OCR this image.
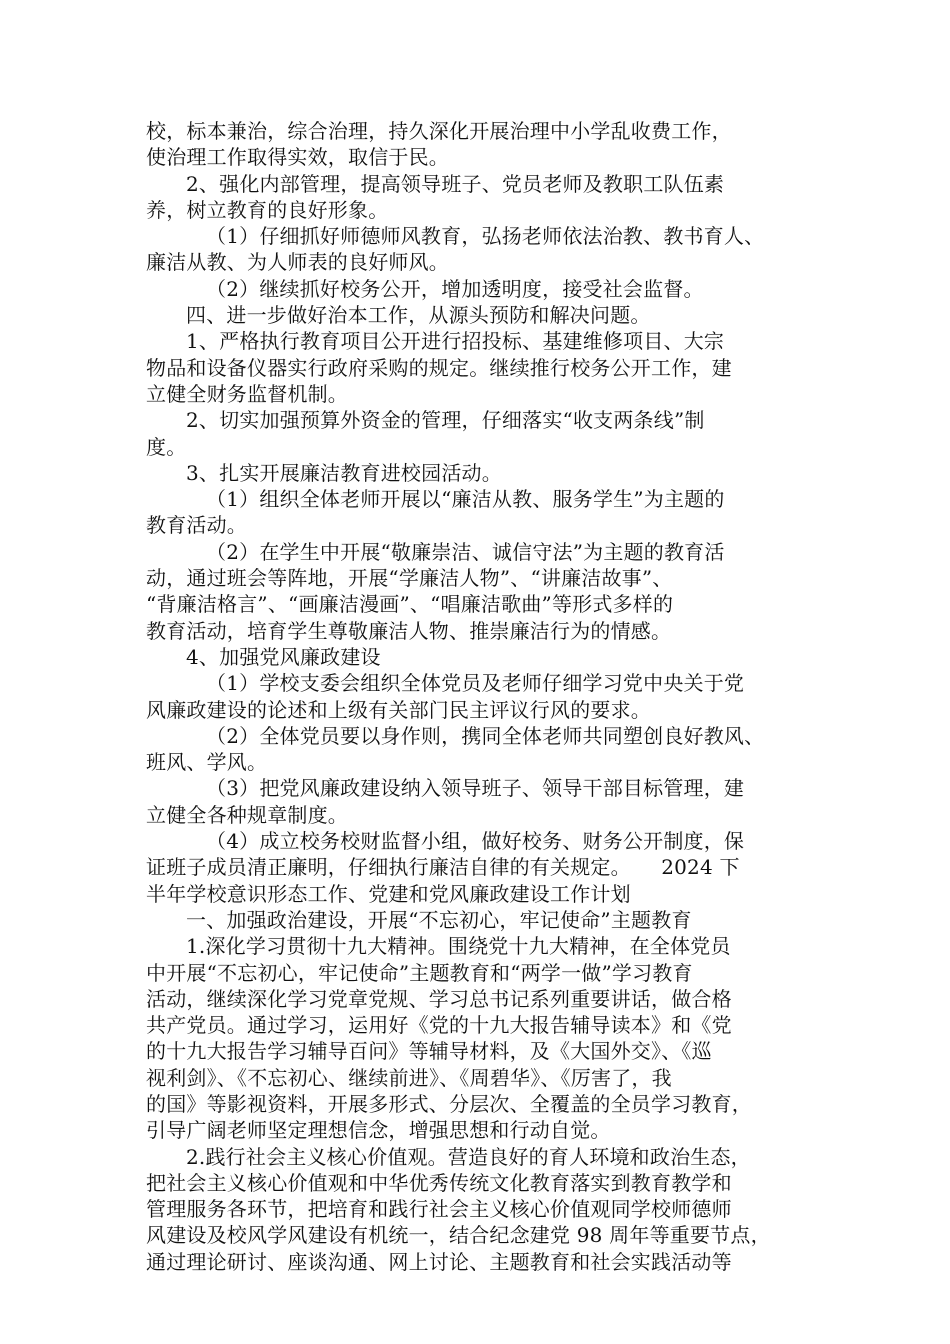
校，标本兼治，综合治理，持久深化开展治理中小学乱收费工作，
使治理工作取得实效，取信于民。
2、强化内部管理，提高领导班子、党员老师及教职工队伍素
养，树立教育的良好形象。
（1）仔细抓好师德师风教育，弘扬老师依法治教、教书育人、
廉洁从教、为人师表的良好师风。
（2）继续抓好校务公开，增加透明度，接受社会监督。
四、进一步做好治本工作，从源头预防和解决问题。
1、严格执行教育项目公开进行招投标、基建维修项目、大宗
物品和设备仪器实行政府采购的规定。继续推行校务公开工作，建
立健全财务监督机制。
2、切实加强预算外资金的管理，仔细落实“收支两条线”制
度。
3、扎实开展廉洁教育进校园活动。
（1）组织全体老师开展以“廉洁从教、服务学生”为主题的
教育活动。
（2）在学生中开展“敬廉崇洁、诚信守法”为主题的教育活
动，通过班会等阵地，开展“学廉洁人物”、“讲廉洁故事”、
“背廉洁格言”、“画廉洁漫画”、“唱廉洁歌曲”等形式多样的
教育活动，培育学生尊敬廉洁人物、推崇廉洁行为的情感。
4、加强党风廉政建设
（1）学校支委会组织全体党员及老师仔细学习党中央关于党
风廉政建设的论述和上级有关部门民主评议行风的要求。
（2）全体党员要以身作则，携同全体老师共同塑创良好教风、
班风、学风。
（3）把党风廉政建设纳入领导班子、领导干部目标管理，建
立健全各种规章制度。
（4）成立校务校财监督小组，做好校务、财务公开制度，保
证班子成员清正廉明，仔细执行廉洁自律的有关规定。　　2024 下
半年学校意识形态工作、党建和党风廉政建设工作计划
一、加强政治建设，开展“不忘初心，牢记使命”主题教育
1.深化学习贯彻十九大精神。围绕党十九大精神，在全体党员
中开展“不忘初心，牢记使命”主题教育和“两学一做”学习教育
活动，继续深化学习党章党规、学习总书记系列重要讲话，做合格
共产党员。通过学习，运用好《党的十九大报告辅导读本》和《党
的十九大报告学习辅导百问》等辅导材料，及《大国外交》、《巡
视利剑》、《不忘初心、继续前进》、《周碧华》、《厉害了，我
的国》等影视资料，开展多形式、分层次、全覆盖的全员学习教育，
引导广阔老师坚定理想信念，增强思想和行动自觉。
2.践行社会主义核心价值观。营造良好的育人环境和政治生态，
把社会主义核心价值观和中华优秀传统文化教育落实到教育教学和
管理服务各环节，把培育和践行社会主义核心价值观同学校师德师
风建设及校风学风建设有机统一，结合纪念建党 98 周年等重要节点，
通过理论研讨、座谈沟通、网上讨论、主题教育和社会实践活动等
